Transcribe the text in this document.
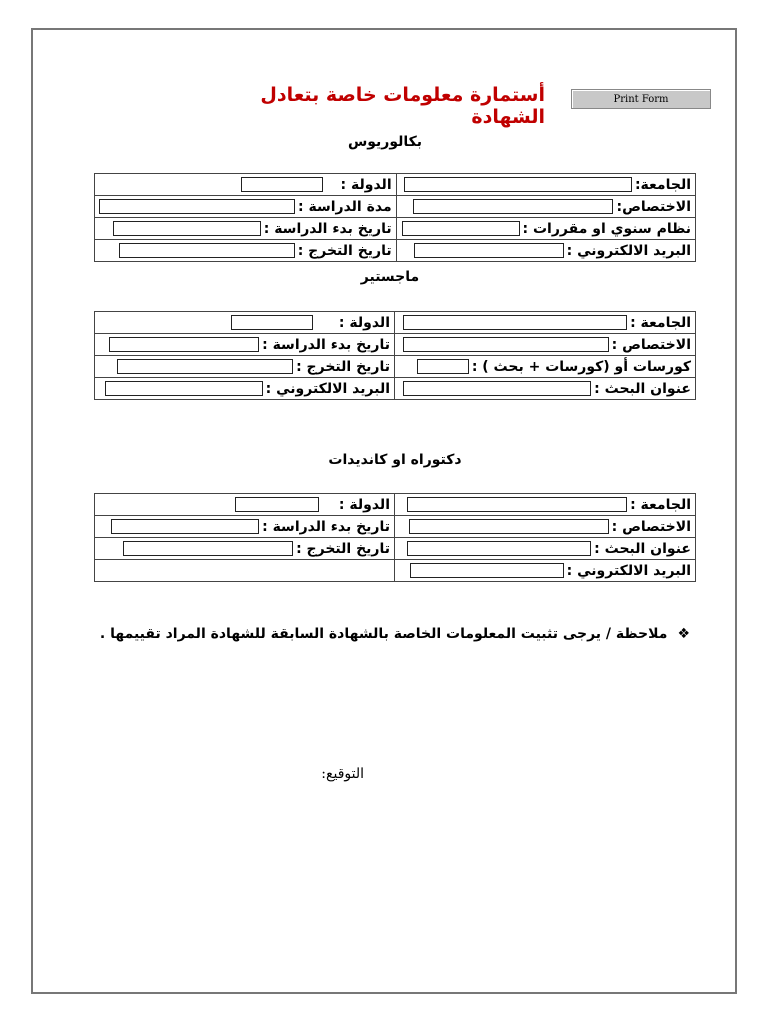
أستمارة معلومات خاصة بتعادل الشهادة
Print Form
بكالوريوس
الجامعة:	الدولة :
الاختصاص:	مدة الدراسة :
نظام سنوي او مقررات :	تاريخ بدء الدراسة :
البريد الالكتروني :	تاريخ التخرج :
ماجستير
الجامعة :	الدولة :
الاختصاص :	تاريخ بدء الدراسة :
كورسات أو (كورسات + بحث ) :	تاريخ التخرج :
عنوان البحث :	البريد الالكتروني :
دكتوراه او كانديدات
الجامعة :	الدولة :
الاختصاص :	تاريخ بدء الدراسة :
عنوان البحث :	تاريخ التخرج :
البريد الالكتروني :	
❖ملاحظة / يرجى تثبيت المعلومات الخاصة بالشهادة السابقة للشهادة المراد تقييمها .
التوقيع:
